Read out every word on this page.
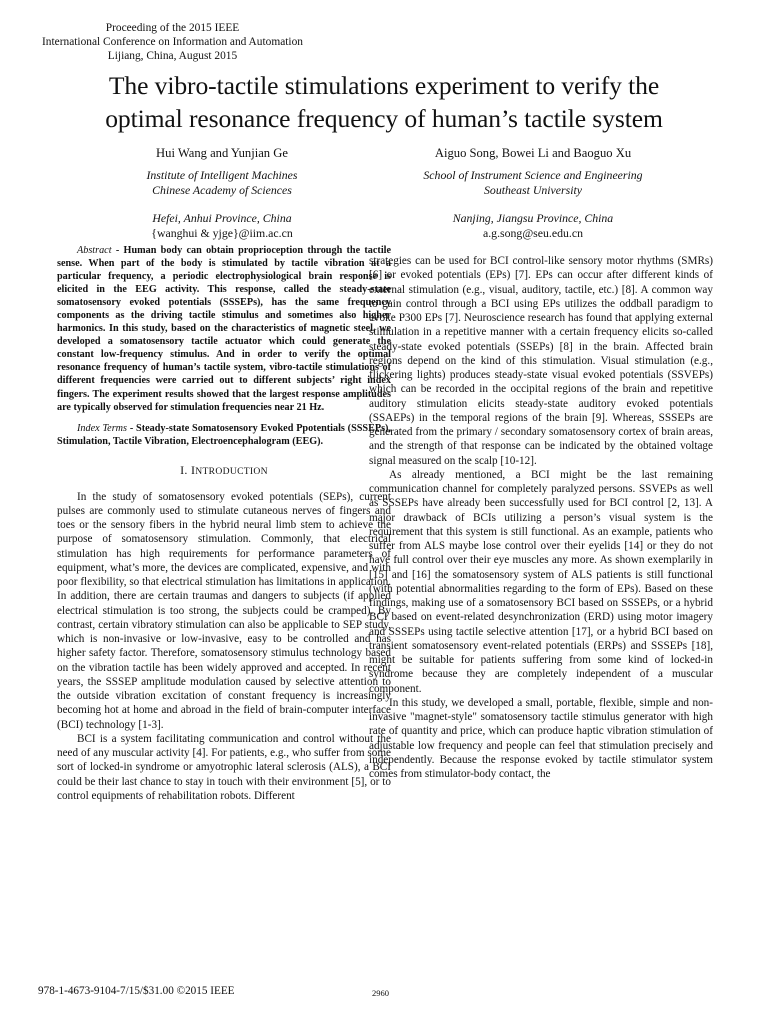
Proceeding of the 2015 IEEE
International Conference on Information and Automation
Lijiang, China, August 2015
The vibro-tactile stimulations experiment to verify the
optimal resonance frequency of human’s tactile system
Hui Wang and Yunjian Ge
Institute of Intelligent Machines
Chinese Academy of Sciences
Hefei, Anhui Province, China
{wanghui & yjge}@iim.ac.cn
Aiguo Song, Bowei Li and Baoguo Xu
School of Instrument Science and Engineering
Southeast University
Nanjing, Jiangsu Province, China
a.g.song@seu.edu.cn

Abstract - Human body can obtain proprioception through the tactile sense. When part of the body is stimulated by tactile vibration at a particular frequency, a periodic electrophysiological brain response is elicited in the EEG activity. This response, called the steady-state somatosensory evoked potentials (SSSEPs), has the same frequency components as the driving tactile stimulus and sometimes also higher harmonics. In this study, based on the characteristics of magnetic steel, we developed a somatosensory tactile actuator which could generate the constant low-frequency stimulus. And in order to verify the optimal resonance frequency of human’s tactile system, vibro-tactile stimulations of different frequencies were carried out to different subjects’ right index fingers. The experiment results showed that the largest response amplitudes are typically observed for stimulation frequencies near 21 Hz.

Index Terms - Steady-state Somatosensory Evoked Ppotentials (SSSEPs), Stimulation, Tactile Vibration, Electroencephalogram (EEG).

I. INTRODUCTION

In the study of somatosensory evoked potentials (SEPs), current pulses are commonly used to stimulate cutaneous nerves of fingers and toes or the sensory fibers in the hybrid neural limb stem to achieve the purpose of somatosensory stimulation. Commonly, that electrical stimulation has high requirements for performance parameters of equipment, what’s more, the devices are complicated, expensive, and with poor flexibility, so that electrical stimulation has limitations in application. In addition, there are certain traumas and dangers to subjects (if applied electrical stimulation is too strong, the subjects could be cramped). By contrast, certain vibratory stimulation can also be applicable to SEP study, which is non-invasive or low-invasive, easy to be controlled and has higher safety factor. Therefore, somatosensory stimulus technology based on the vibration tactile has been widely approved and accepted. In recent years, the SSSEP amplitude modulation caused by selective attention to the outside vibration excitation of constant frequency is increasingly becoming hot at home and abroad in the field of brain-computer interface (BCI) technology [1-3].

BCI is a system facilitating communication and control without the need of any muscular activity [4]. For patients, e.g., who suffer from some sort of locked-in syndrome or amyotrophic lateral sclerosis (ALS), a BCI could be their last chance to stay in touch with their environment [5], or to control equipments of rehabilitation robots. Different

strategies can be used for BCI control-like sensory motor rhythms (SMRs) [6] or evoked potentials (EPs) [7]. EPs can occur after different kinds of external stimulation (e.g., visual, auditory, tactile, etc.) [8]. A common way to gain control through a BCI using EPs utilizes the oddball paradigm to evoke P300 EPs [7]. Neuroscience research has found that applying external stimulation in a repetitive manner with a certain frequency elicits so-called steady-state evoked potentials (SSEPs) [8] in the brain. Affected brain regions depend on the kind of this stimulation. Visual stimulation (e.g., flickering lights) produces steady-state visual evoked potentials (SSVEPs) which can be recorded in the occipital regions of the brain and repetitive auditory stimulation elicits steady-state auditory evoked potentials (SSAEPs) in the temporal regions of the brain [9]. Whereas, SSSEPs are generated from the primary / secondary somatosensory cortex of brain areas, and the strength of that response can be indicated by the obtained voltage signal measured on the scalp [10-12].

As already mentioned, a BCI might be the last remaining communication channel for completely paralyzed persons. SSVEPs as well as SSSEPs have already been successfully used for BCI control [2, 13]. A major drawback of BCIs utilizing a person’s visual system is the requirement that this system is still functional. As an example, patients who suffer from ALS maybe lose control over their eyelids [14] or they do not have full control over their eye muscles any more. As shown exemplarily in [15] and [16] the somatosensory system of ALS patients is still functional (with potential abnormalities regarding to the form of EPs). Based on these findings, making use of a somatosensory BCI based on SSSEPs, or a hybrid BCI based on event-related desynchronization (ERD) using motor imagery and SSSEPs using tactile selective attention [17], or a hybrid BCI based on transient somatosensory event-related potentials (ERPs) and SSSEPs [18], might be suitable for patients suffering from some kind of locked-in syndrome because they are completely independent of a muscular component.

In this study, we developed a small, portable, flexible, simple and non-invasive "magnet-style" somatosensory tactile stimulus generator with high rate of quantity and price, which can produce haptic vibration stimulation of adjustable low frequency and people can feel that stimulation precisely and independently. Because the response evoked by tactile stimulator system comes from stimulator-body contact, the

978-1-4673-9104-7/15/$31.00 ©2015 IEEE	2960
